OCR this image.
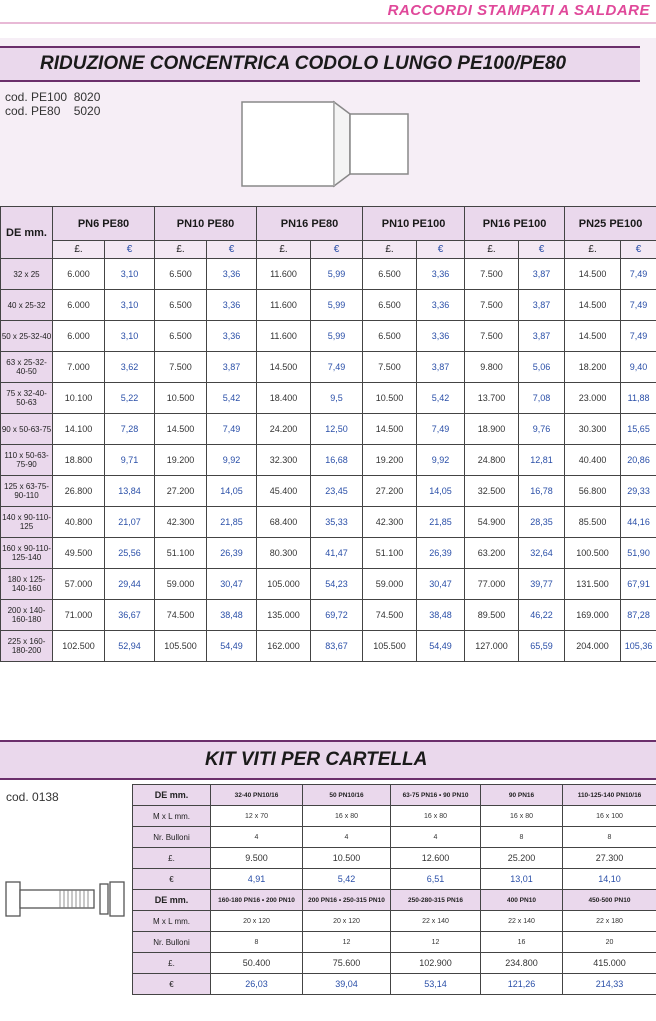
RACCORDI STAMPATI A SALDARE
RIDUZIONE CONCENTRICA CODOLO LUNGO PE100/PE80
cod. PE100  8020
cod. PE80    5020
DE mm.	PN6 PE80		PN10 PE80		PN16 PE80		PN10 PE100		PN16 PE100		PN25 PE100	
	£.	€	£.	€	£.	€	£.	€	£.	€	£.	€
32 x 25	6.000	3,10	6.500	3,36	11.600	5,99	6.500	3,36	7.500	3,87	14.500	7,49
40 x 25-32	6.000	3,10	6.500	3,36	11.600	5,99	6.500	3,36	7.500	3,87	14.500	7,49
50 x 25-32-40	6.000	3,10	6.500	3,36	11.600	5,99	6.500	3,36	7.500	3,87	14.500	7,49
63 x 25-32-40-50	7.000	3,62	7.500	3,87	14.500	7,49	7.500	3,87	9.800	5,06	18.200	9,40
75 x 32-40-50-63	10.100	5,22	10.500	5,42	18.400	9,5	10.500	5,42	13.700	7,08	23.000	11,88
90 x 50-63-75	14.100	7,28	14.500	7,49	24.200	12,50	14.500	7,49	18.900	9,76	30.300	15,65
110 x 50-63-75-90	18.800	9,71	19.200	9,92	32.300	16,68	19.200	9,92	24.800	12,81	40.400	20,86
125 x 63-75-90-110	26.800	13,84	27.200	14,05	45.400	23,45	27.200	14,05	32.500	16,78	56.800	29,33
140 x 90-110-125	40.800	21,07	42.300	21,85	68.400	35,33	42.300	21,85	54.900	28,35	85.500	44,16
160 x 90-110-125-140	49.500	25,56	51.100	26,39	80.300	41,47	51.100	26,39	63.200	32,64	100.500	51,90
180 x 125-140-160	57.000	29,44	59.000	30,47	105.000	54,23	59.000	30,47	77.000	39,77	131.500	67,91
200 x 140-160-180	71.000	36,67	74.500	38,48	135.000	69,72	74.500	38,48	89.500	46,22	169.000	87,28
225 x 160-180-200	102.500	52,94	105.500	54,49	162.000	83,67	105.500	54,49	127.000	65,59	204.000	105,36
KIT VITI PER CARTELLA
cod. 0138	DE mm.	32-40 PN10/16	50 PN10/16	63-75 PN16 • 90 PN10	90 PN16	110-125-140 PN10/16
M x L mm.	12 x 70	16 x 80	16 x 80	16 x 80	16 x 100
Nr. Bulloni	4	4	4	8	8
£.	9.500	10.500	12.600	25.200	27.300
€	4,91	5,42	6,51	13,01	14,10
DE mm.	160-180 PN16 • 200 PN10	200 PN16 • 250-315 PN10	250-280-315 PN16	400 PN10	450-500 PN10
M x L mm.	20 x 120	20 x 120	22 x 140	22 x 140	22 x 180
Nr. Bulloni	8	12	12	16	20
£.	50.400	75.600	102.900	234.800	415.000
€	26,03	39,04	53,14	121,26	214,33
